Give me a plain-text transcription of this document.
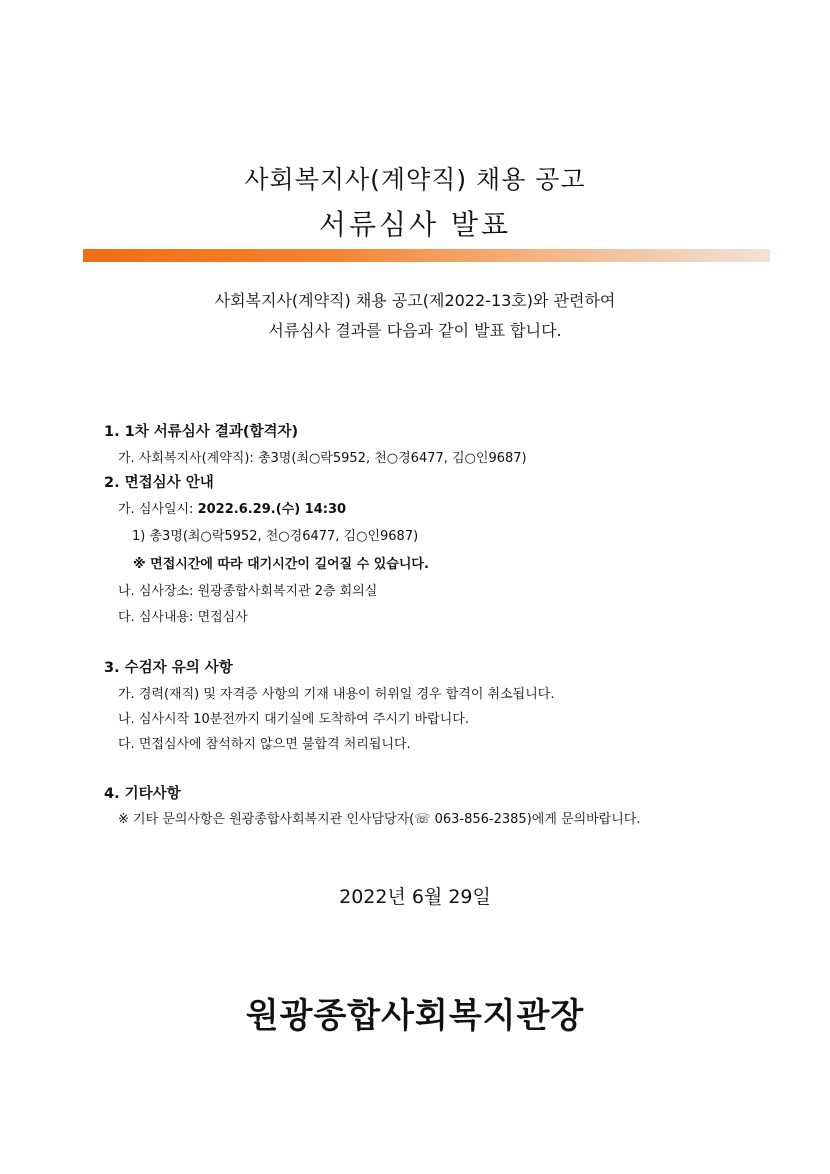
사회복지사(계약직) 채용 공고
서류심사 발표
사회복지사(계약직) 채용 공고(제2022-13호)와 관련하여
서류심사 결과를 다음과 같이 발표 합니다.
1. 1차 서류심사 결과(합격자)
가. 사회복지사(계약직): 총3명(최○락5952, 천○경6477, 김○인9687)
2. 면접심사 안내
가. 심사일시: 2022.6.29.(수) 14:30
1) 총3명(최○락5952, 천○경6477, 김○인9687)
※ 면접시간에 따라 대기시간이 길어질 수 있습니다.
나. 심사장소: 원광종합사회복지관 2층 회의실
다. 심사내용: 면접심사
3. 수검자 유의 사항
가. 경력(재직) 및 자격증 사항의 기재 내용이 허위일 경우 합격이 취소됩니다.
나. 심사시작 10분전까지 대기실에 도착하여 주시기 바랍니다.
다. 면접심사에 참석하지 않으면 불합격 처리됩니다.
4. 기타사항
※ 기타 문의사항은 원광종합사회복지관 인사담당자(☏ 063-856-2385)에게 문의바랍니다.
2022년 6월 29일
원광종합사회복지관장
